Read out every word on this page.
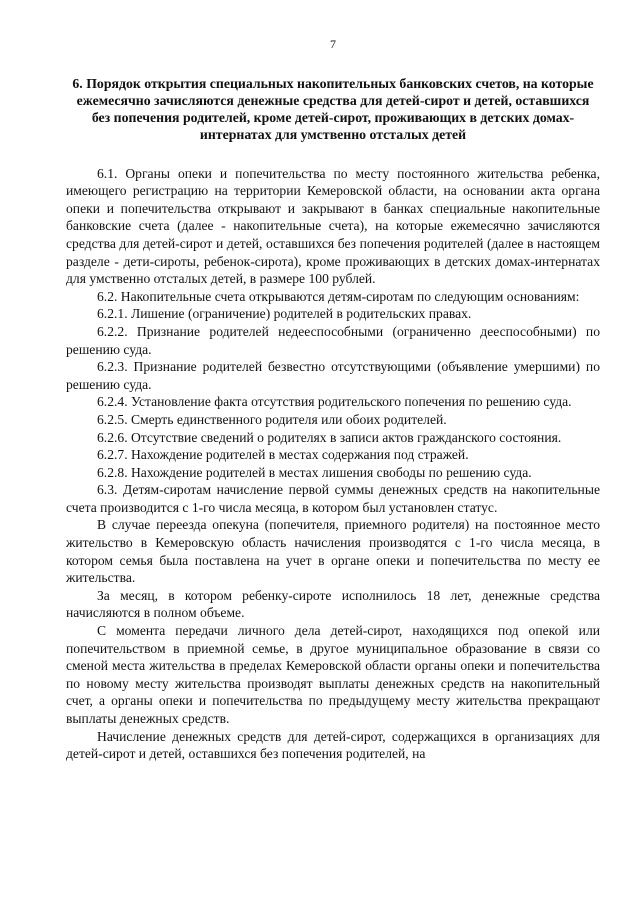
7
6. Порядок открытия специальных накопительных банковских счетов, на которые ежемесячно зачисляются денежные средства для детей-сирот и детей, оставшихся без попечения родителей, кроме детей-сирот, проживающих в детских домах-интернатах для умственно отсталых детей

6.1. Органы опеки и попечительства по месту постоянного жительства ребенка, имеющего регистрацию на территории Кемеровской области, на основании акта органа опеки и попечительства открывают и закрывают в банках специальные накопительные банковские счета (далее - накопительные счета), на которые ежемесячно зачисляются средства для детей-сирот и детей, оставшихся без попечения родителей (далее в настоящем разделе - дети-сироты, ребенок-сирота), кроме проживающих в детских домах-интернатах для умственно отсталых детей, в размере 100 рублей.

6.2. Накопительные счета открываются детям-сиротам по следующим основаниям:

6.2.1. Лишение (ограничение) родителей в родительских правах.

6.2.2. Признание родителей недееспособными (ограниченно дееспособными) по решению суда.

6.2.3. Признание родителей безвестно отсутствующими (объявление умершими) по решению суда.

6.2.4. Установление факта отсутствия родительского попечения по решению суда.

6.2.5. Смерть единственного родителя или обоих родителей.

6.2.6. Отсутствие сведений о родителях в записи актов гражданского состояния.

6.2.7. Нахождение родителей в местах содержания под стражей.

6.2.8. Нахождение родителей в местах лишения свободы по решению суда.

6.3. Детям-сиротам начисление первой суммы денежных средств на накопительные счета производится с 1-го числа месяца, в котором был установлен статус.

В случае переезда опекуна (попечителя, приемного родителя) на постоянное место жительство в Кемеровскую область начисления производятся с 1-го числа месяца, в котором семья была поставлена на учет в органе опеки и попечительства по месту ее жительства.

За месяц, в котором ребенку-сироте исполнилось 18 лет, денежные средства начисляются в полном объеме.

С момента передачи личного дела детей-сирот, находящихся под опекой или попечительством в приемной семье, в другое муниципальное образование в связи со сменой места жительства в пределах Кемеровской области органы опеки и попечительства по новому месту жительства производят выплаты денежных средств на накопительный счет, а органы опеки и попечительства по предыдущему месту жительства прекращают выплаты денежных средств.

Начисление денежных средств для детей-сирот, содержащихся в организациях для детей-сирот и детей, оставшихся без попечения родителей, на
